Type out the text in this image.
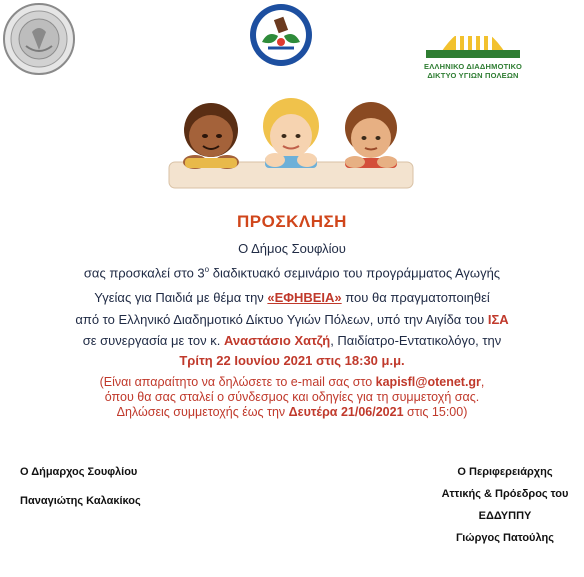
ΕΛΛΗΝΙΚΟ ΔΙΑΔΗΜΟΤΙΚΟ
ΔΙΚΤΥΟ ΥΓΙΩΝ ΠΟΛΕΩΝ
ΠΡΟΣΚΛΗΣΗ
Ο Δήμος Σουφλίου
σας προσκαλεί στο $3^o$ διαδικτυακό σεμινάριο του προγράμματος Αγωγής
Υγείας για Παιδιά με θέμα την «ΕΦΗΒΕΙΑ» που θα πραγματοποιηθεί
από το Ελληνικό Διαδημοτικό Δίκτυο Υγιών Πόλεων, υπό την Αιγίδα του ΙΣΑ
σε συνεργασία με τον κ. Αναστάσιο Χατζή, Παιδίατρο-Εντατικολόγο, την
Τρίτη 22 Ιουνίου 2021 στις 18:30 μ.μ.
(Είναι απαραίτητο να δηλώσετε το e-mail σας στο kapisfl@otenet.gr,
όπου θα σας σταλεί ο σύνδεσμος και οδηγίες για τη συμμετοχή σας.
Δηλώσεις συμμετοχής έως την Δευτέρα 21/06/2021 στις 15:00)
Ο Δήμαρχος Σουφλίου
Παναγιώτης Καλακίκος
Ο Περιφερειάρχης
Αττικής & Πρόεδρος του
ΕΔΔΥΠΠΥ
Γιώργος Πατούλης
